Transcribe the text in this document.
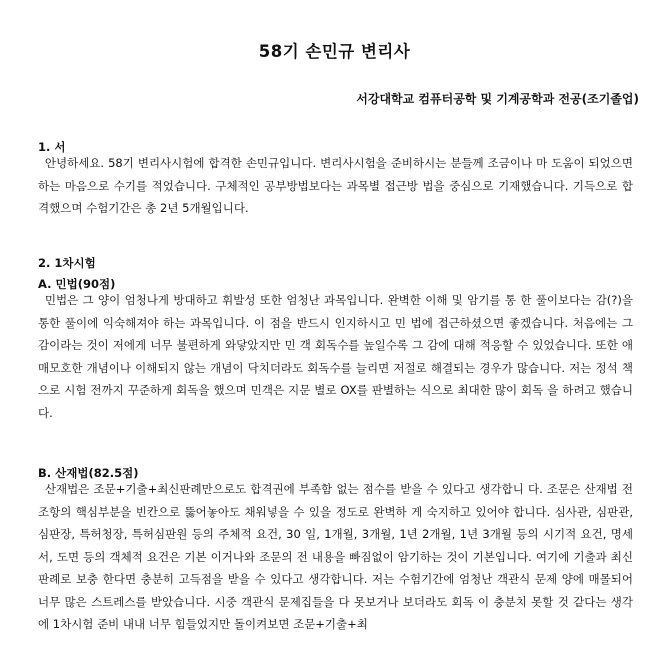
58기 손민규 변리사
서강대학교 컴퓨터공학 및 기계공학과 전공(조기졸업)
1. 서
안녕하세요. 58기 변리사시험에 합격한 손민규입니다. 변리사시험을 준비하시는 분들께 조금이나 마 도움이 되었으면 하는 마음으로 수기를 적었습니다. 구체적인 공부방법보다는 과목별 접근방 법을 중심으로 기재했습니다. 기득으로 합격했으며 수험기간은 총 2년 5개월입니다.
2. 1차시험
A. 민법(90점)
민법은 그 양이 엄청나게 방대하고 휘발성 또한 엄청난 과목입니다. 완벽한 이해 및 암기를 통 한 풀이보다는 감(?)을 통한 풀이에 익숙해져야 하는 과목입니다. 이 점을 반드시 인지하시고 민 법에 접근하셨으면 좋겠습니다. 처음에는 그 감이라는 것이 저에게 너무 불편하게 와닿았지만 민 객 회독수를 높일수록 그 감에 대해 적응할 수 있었습니다. 또한 애매모호한 개념이나 이해되지 않는 개념이 닥치더라도 회독수를 늘리면 저절로 해결되는 경우가 많습니다. 저는 정석 책으로 시험 전까지 꾸준하게 회독을 했으며 민객은 지문 별로 OX를 판별하는 식으로 최대한 많이 회독 을 하려고 했습니다.
B. 산재법(82.5점)
산재법은 조문+기출+최신판례만으로도 합격권에 부족함 없는 점수를 받을 수 있다고 생각합니 다. 조문은 산재법 전 조항의 핵심부분을 빈칸으로 뚫어놓아도 채워넣을 수 있을 정도로 완벽하 게 숙지하고 있어야 합니다. 심사관, 심판관, 심판장, 특허청장, 특허심판원 등의 주체적 요건, 30 일, 1개월, 3개월, 1년 2개월, 1년 3개월 등의 시기적 요건, 명세서, 도면 등의 객체적 요건은 기본 이거나와 조문의 전 내용을 빠짐없이 암기하는 것이 기본입니다. 여기에 기출과 최신판례로 보충 한다면 충분히 고득점을 받을 수 있다고 생각합니다. 저는 수험기간에 엄청난 객관식 문제 양에 매몰되어 너무 많은 스트레스를 받았습니다. 시중 객관식 문제집들을 다 못보거나 보더라도 회독 이 충분치 못할 것 같다는 생각에 1차시험 준비 내내 너무 힘들었지만 돌이켜보면 조문+기출+최
